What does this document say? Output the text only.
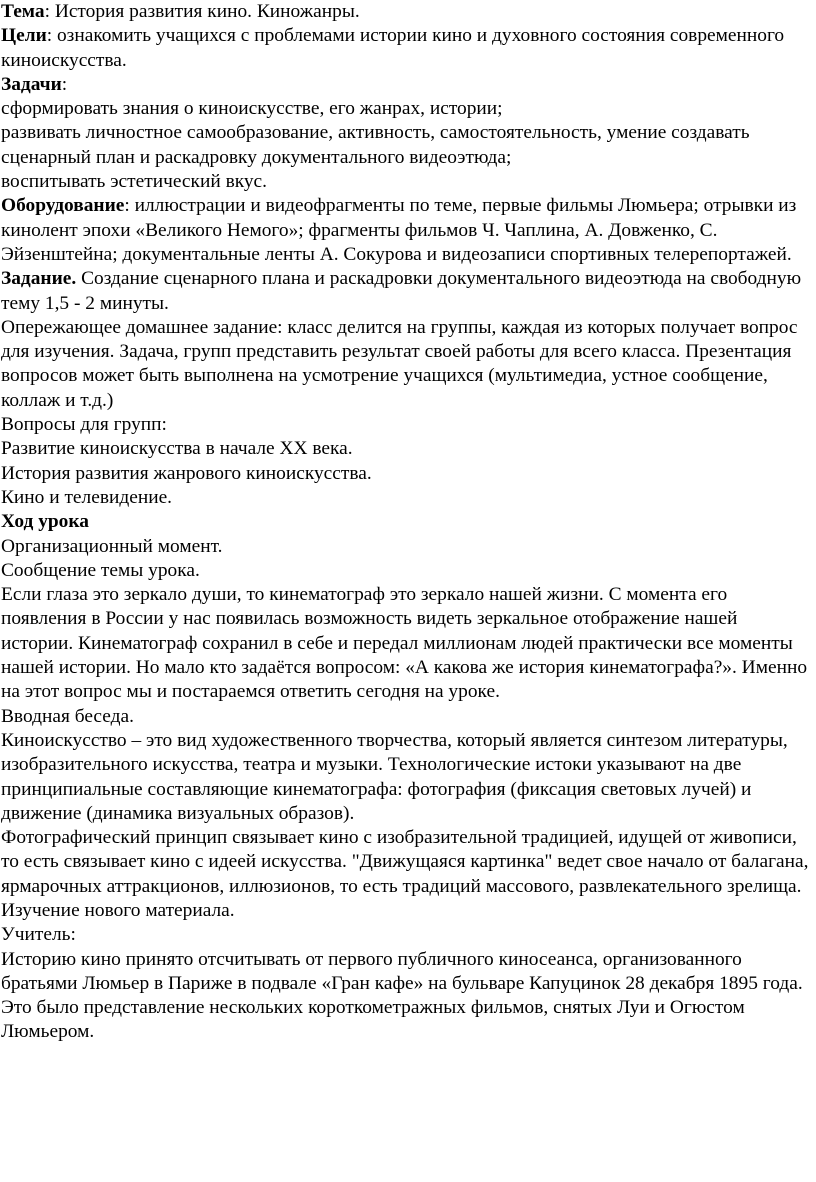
Тема: История развития кино. Киножанры.

Цели: ознакомить учащихся с проблемами истории кино и духовного состояния современного киноискусства.

Задачи:

сформировать знания о киноискусстве, его жанрах, истории;

развивать личностное самообразование, активность, самостоятельность, умение создавать сценарный план и раскадровку документального видеоэтюда;

воспитывать эстетический вкус.

Оборудование: иллюстрации и видеофрагменты по теме, первые фильмы Люмьера; отрывки из кинолент эпохи «Великого Немого»; фрагменты фильмов Ч. Чаплина, А. Довженко, С. Эйзенштейна; документальные ленты А. Сокурова и видеозаписи спортивных телерепортажей.

Задание. Создание сценарного плана и раскадровки документального видеоэтюда на свободную тему 1,5 - 2 минуты.

Опережающее домашнее задание: класс делится на группы, каждая из которых получает вопрос для изучения. Задача, групп представить результат своей работы для всего класса. Презентация вопросов может быть выполнена на усмотрение учащихся (мультимедиа, устное сообщение, коллаж и т.д.)

Вопросы для групп:

Развитие киноискусства в начале XX века.

История развития жанрового киноискусства.

Кино и телевидение.

Ход урока

Организационный момент.

Сообщение темы урока.

Если глаза это зеркало души, то кинематограф это зеркало нашей жизни. С момента его появления в России у нас появилась возможность видеть зеркальное отображение нашей истории. Кинематограф сохранил в себе и передал миллионам людей практически все моменты нашей истории. Но мало кто задаётся вопросом: «А какова же история кинематографа?». Именно на этот вопрос мы и постараемся ответить сегодня на уроке.

Вводная беседа.

Киноискусство – это вид художественного творчества, который является синтезом литературы, изобразительного искусства, театра и музыки. Технологические истоки указывают на две принципиальные составляющие кинематографа: фотография (фиксация световых лучей) и движение (динамика визуальных образов).

Фотографический принцип связывает кино с изобразительной традицией, идущей от живописи, то есть связывает кино с идеей искусства. "Движущаяся картинка" ведет свое начало от балагана, ярмарочных аттракционов, иллюзионов, то есть традиций массового, развлекательного зрелища.

Изучение нового материала.

Учитель:

Историю кино принято отсчитывать от первого публичного киносеанса, организованного братьями Люмьер в Париже в подвале «Гран кафе» на бульваре Капуцинок 28 декабря 1895 года.

Это было представление нескольких короткометражных фильмов, снятых Луи и Огюстом Люмьером.
